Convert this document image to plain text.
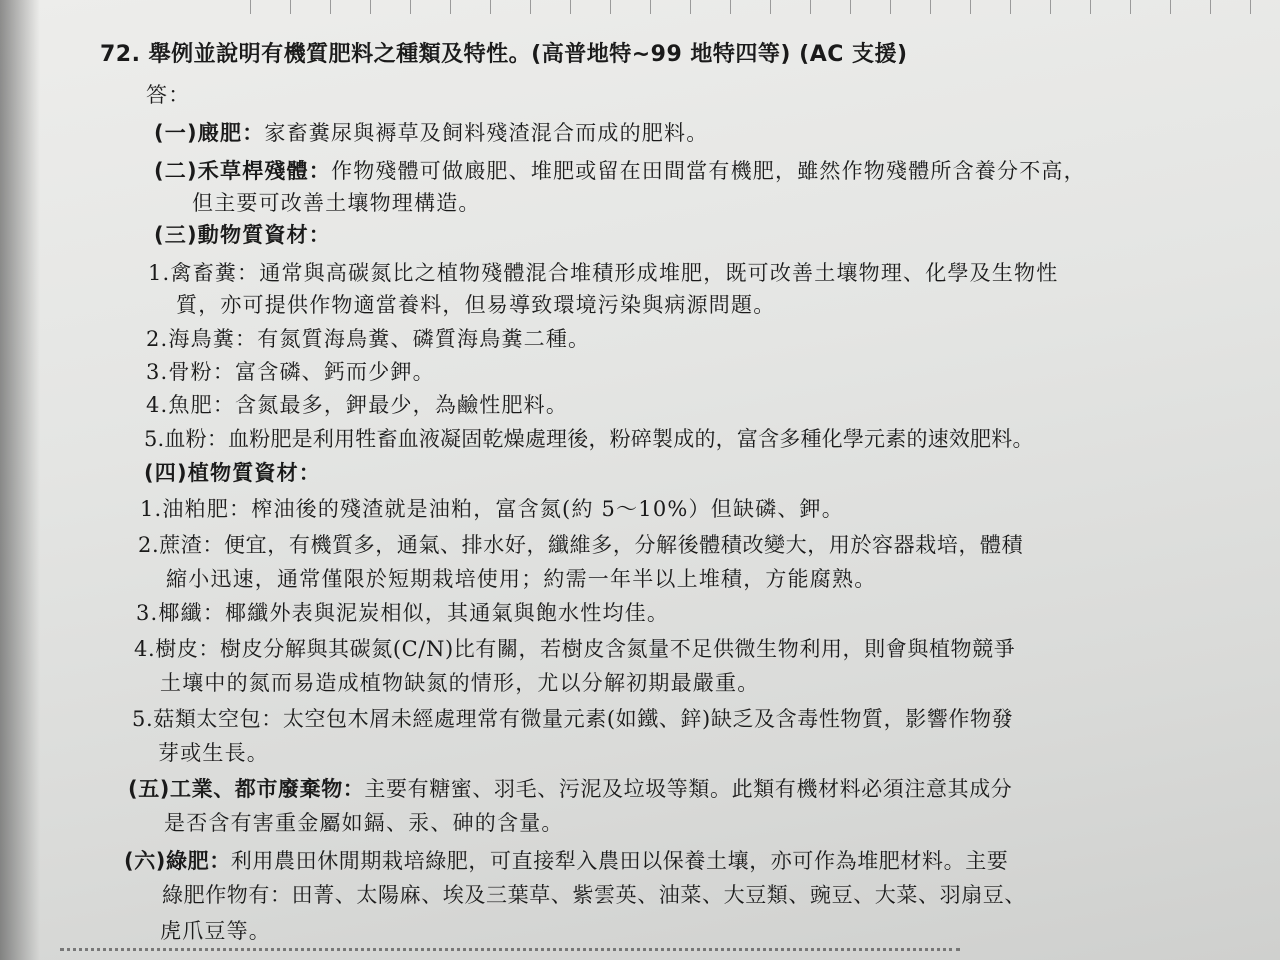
72. 舉例並說明有機質肥料之種類及特性。(高普地特~99 地特四等) (AC 支援)
答：
(一)廄肥：家畜糞尿與褥草及飼料殘渣混合而成的肥料。
(二)禾草桿殘體：作物殘體可做廄肥、堆肥或留在田間當有機肥，雖然作物殘體所含養分不高，
但主要可改善土壤物理構造。
(三)動物質資材：
1.禽畜糞：通常與高碳氮比之植物殘體混合堆積形成堆肥，既可改善土壤物理、化學及生物性
質，亦可提供作物適當養料，但易導致環境污染與病源問題。
2.海鳥糞：有氮質海鳥糞、磷質海鳥糞二種。
3.骨粉：富含磷、鈣而少鉀。
4.魚肥：含氮最多，鉀最少，為鹼性肥料。
5.血粉：血粉肥是利用牲畜血液凝固乾燥處理後，粉碎製成的，富含多種化學元素的速效肥料。
(四)植物質資材：
1.油粕肥：榨油後的殘渣就是油粕，富含氮(約 5～10%）但缺磷、鉀。
2.蔗渣：便宜，有機質多，通氣、排水好，纖維多，分解後體積改變大，用於容器栽培，體積
縮小迅速，通常僅限於短期栽培使用；約需一年半以上堆積，方能腐熟。
3.椰纖：椰纖外表與泥炭相似，其通氣與飽水性均佳。
4.樹皮：樹皮分解與其碳氮(C/N)比有關，若樹皮含氮量不足供微生物利用，則會與植物競爭
土壤中的氮而易造成植物缺氮的情形，尤以分解初期最嚴重。
5.菇類太空包：太空包木屑未經處理常有微量元素(如鐵、鋅)缺乏及含毒性物質，影響作物發
芽或生長。
(五)工業、都市廢棄物：主要有糖蜜、羽毛、污泥及垃圾等類。此類有機材料必須注意其成分
是否含有害重金屬如鎘、汞、砷的含量。
(六)綠肥：利用農田休閒期栽培綠肥，可直接犁入農田以保養土壤，亦可作為堆肥材料。主要
綠肥作物有：田菁、太陽麻、埃及三葉草、紫雲英、油菜、大豆類、豌豆、大菜、羽扇豆、
虎爪豆等。
